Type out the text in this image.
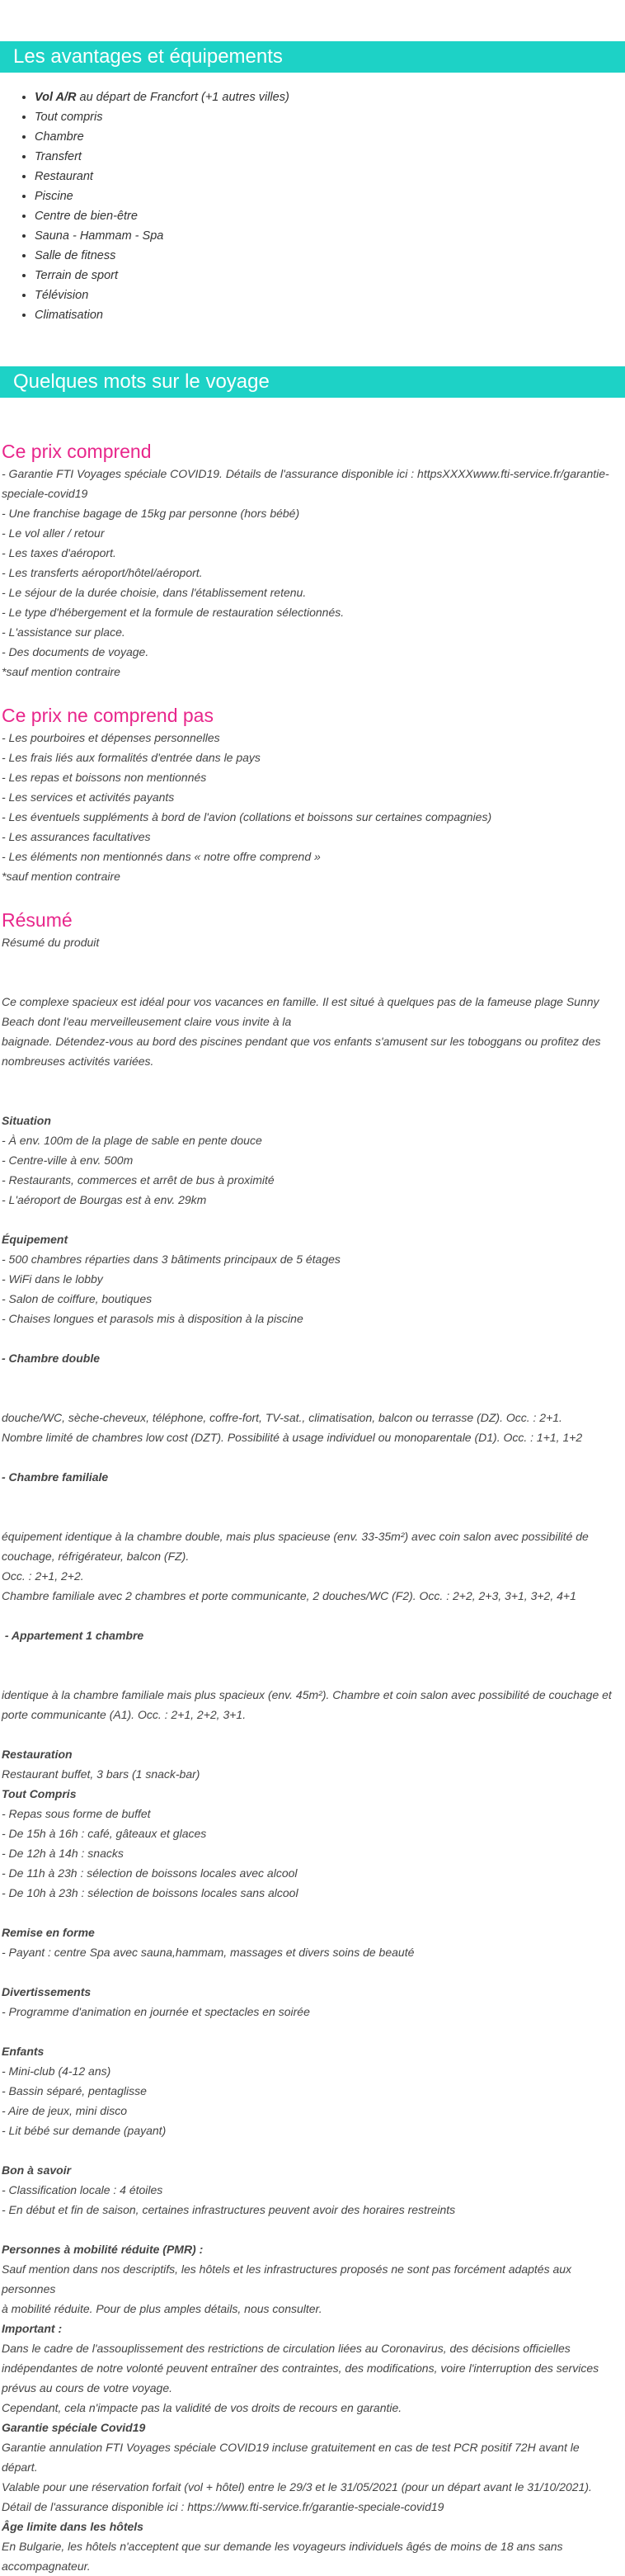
Les avantages et équipements
• Vol A/R au départ de Francfort (+1 autres villes)
• Tout compris
• Chambre
• Transfert
• Restaurant
• Piscine
• Centre de bien-être
• Sauna - Hammam - Spa
• Salle de fitness
• Terrain de sport
• Télévision
• Climatisation
Quelques mots sur le voyage
Ce prix comprend

- Garantie FTI Voyages spéciale COVID19. Détails de l'assurance disponible ici : httpsXXXXwww.fti-service.fr/garantie-

speciale-covid19

- Une franchise bagage de 15kg par personne (hors bébé)

- Le vol aller / retour

- Les taxes d'aéroport.

- Les transferts aéroport/hôtel/aéroport.

- Le séjour de la durée choisie, dans l'établissement retenu.

- Le type d'hébergement et la formule de restauration sélectionnés.

- L'assistance sur place.

- Des documents de voyage.

*sauf mention contraire

Ce prix ne comprend pas

- Les pourboires et dépenses personnelles

- Les frais liés aux formalités d'entrée dans le pays

- Les repas et boissons non mentionnés

- Les services et activités payants

- Les éventuels suppléments à bord de l'avion (collations et boissons sur certaines compagnies)

- Les assurances facultatives

- Les éléments non mentionnés dans « notre offre comprend »

*sauf mention contraire

Résumé

Résumé du produit

Ce complexe spacieux est idéal pour vos vacances en famille. Il est situé à quelques pas de la fameuse plage Sunny

Beach dont l'eau merveilleusement claire vous invite à la

baignade. Détendez-vous au bord des piscines pendant que vos enfants s'amusent sur les toboggans ou profitez des

nombreuses activités variées.

Situation

- À env. 100m de la plage de sable en pente douce

- Centre-ville à env. 500m

- Restaurants, commerces et arrêt de bus à proximité

- L'aéroport de Bourgas est à env. 29km

Équipement

- 500 chambres réparties dans 3 bâtiments principaux de 5 étages

- WiFi dans le lobby

- Salon de coiffure, boutiques

- Chaises longues et parasols mis à disposition à la piscine

- Chambre double

douche/WC, sèche-cheveux, téléphone, coffre-fort, TV-sat., climatisation, balcon ou terrasse (DZ). Occ. : 2+1.

Nombre limité de chambres low cost (DZT). Possibilité à usage individuel ou monoparentale (D1). Occ. : 1+1, 1+2

- Chambre familiale

équipement identique à la chambre double, mais plus spacieuse (env. 33-35m²) avec coin salon avec possibilité de

couchage, réfrigérateur, balcon (FZ).

Occ. : 2+1, 2+2.

Chambre familiale avec 2 chambres et porte communicante, 2 douches/WC (F2). Occ. : 2+2, 2+3, 3+1, 3+2, 4+1

- Appartement 1 chambre

identique à la chambre familiale mais plus spacieux (env. 45m²). Chambre et coin salon avec possibilité de couchage et

porte communicante (A1). Occ. : 2+1, 2+2, 3+1.

Restauration

Restaurant buffet, 3 bars (1 snack-bar)

Tout Compris

- Repas sous forme de buffet

- De 15h à 16h : café, gâteaux et glaces

- De 12h à 14h : snacks

- De 11h à 23h : sélection de boissons locales avec alcool

- De 10h à 23h : sélection de boissons locales sans alcool

Remise en forme

- Payant : centre Spa avec sauna,hammam, massages et divers soins de beauté

Divertissements

- Programme d'animation en journée et spectacles en soirée

Enfants

- Mini-club (4-12 ans)

- Bassin séparé, pentaglisse

- Aire de jeux, mini disco

- Lit bébé sur demande (payant)

Bon à savoir

- Classification locale : 4 étoiles

- En début et fin de saison, certaines infrastructures peuvent avoir des horaires restreints

Personnes à mobilité réduite (PMR) :

Sauf mention dans nos descriptifs, les hôtels et les infrastructures proposés ne sont pas forcément adaptés aux personnes

à mobilité réduite. Pour de plus amples détails, nous consulter.

Important :

Dans le cadre de l'assouplissement des restrictions de circulation liées au Coronavirus, des décisions officielles

indépendantes de notre volonté peuvent entraîner des contraintes, des modifications, voire l'interruption des services

prévus au cours de votre voyage.

Cependant, cela n'impacte pas la validité de vos droits de recours en garantie.

Garantie spéciale Covid19

Garantie annulation FTI Voyages spéciale COVID19 incluse gratuitement en cas de test PCR positif 72H avant le

départ.

Valable pour une réservation forfait (vol + hôtel) entre le 29/3 et le 31/05/2021 (pour un départ avant le 31/10/2021).

Détail de l'assurance disponible ici : https://www.fti-service.fr/garantie-speciale-covid19

Âge limite dans les hôtels

En Bulgarie, les hôtels n'acceptent que sur demande les voyageurs individuels âgés de moins de 18 ans sans

accompagnateur.
